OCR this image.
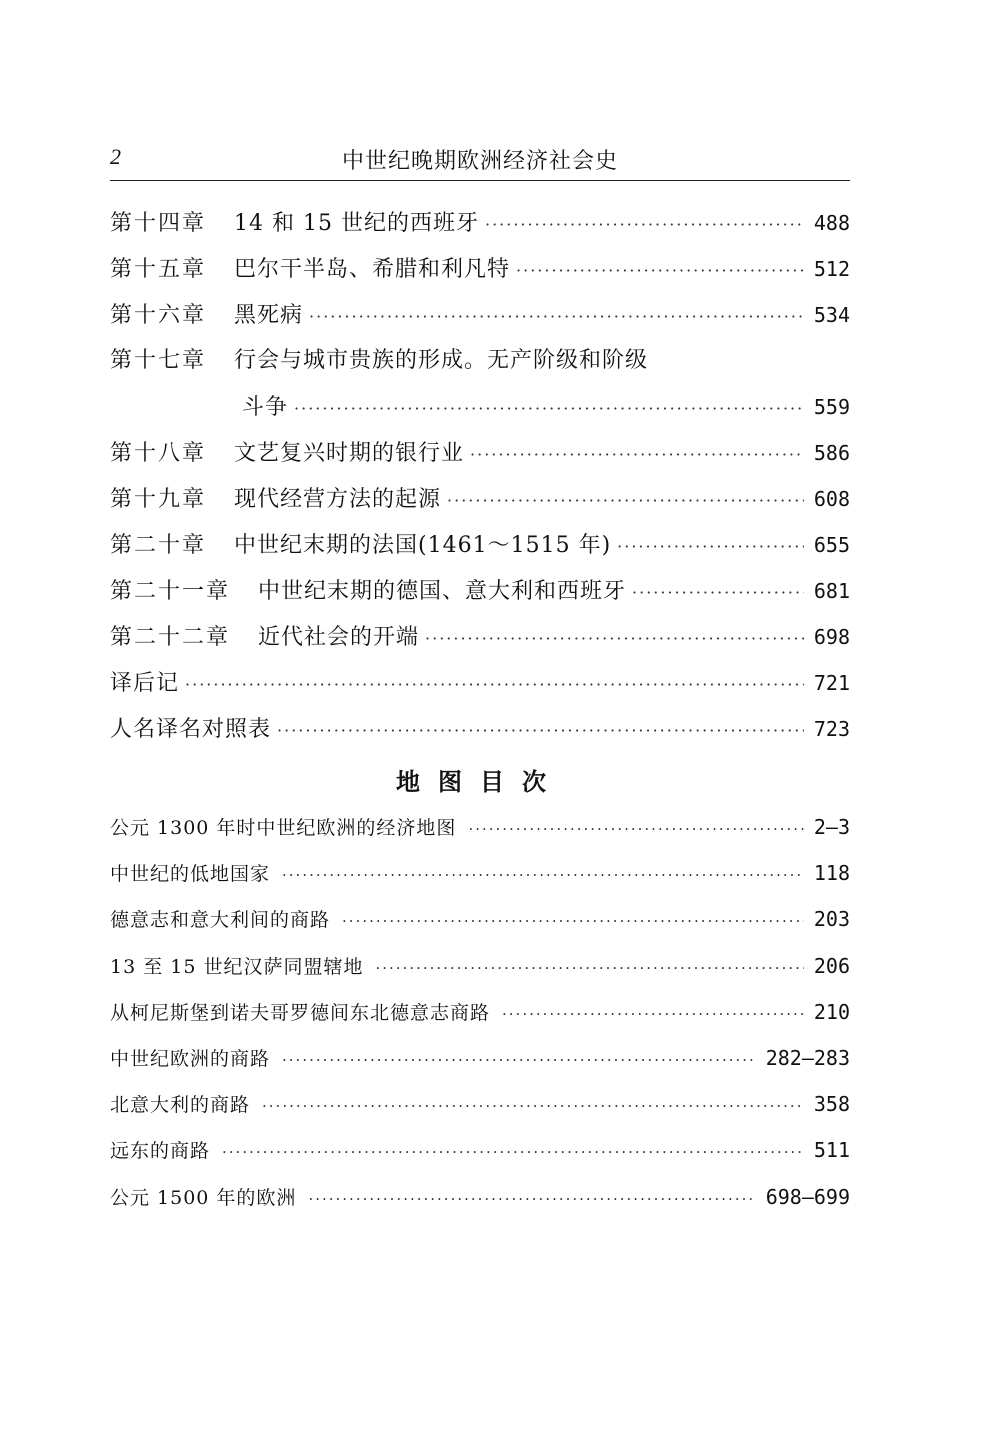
2	中世纪晚期欧洲经济社会史
第十四章 14 和 15 世纪的西班牙 ·····	488
第十五章 巴尔干半岛、希腊和利凡特 ·····	512
第十六章 黑死病 ·····	534
第十七章 行会与城市贵族的形成。无产阶级和阶级
斗争 ·····	559
第十八章 文艺复兴时期的银行业 ·····	586
第十九章 现代经营方法的起源 ·····	608
第二十章 中世纪末期的法国(1461～1515 年) ·····	655
第二十一章 中世纪末期的德国、意大利和西班牙 ·····	681
第二十二章 近代社会的开端 ·····	698
译后记 ·····	721
人名译名对照表 ·····	723
地图目次
公元 1300 年时中世纪欧洲的经济地图 ·····	2—3
中世纪的低地国家 ·····	118
德意志和意大利间的商路 ·····	203
13 至 15 世纪汉萨同盟辖地 ·····	206
从柯尼斯堡到诺夫哥罗德间东北德意志商路 ·····	210
中世纪欧洲的商路 ·····	282—283
北意大利的商路 ·····	358
远东的商路 ·····	511
公元 1500 年的欧洲 ·····	698—699
